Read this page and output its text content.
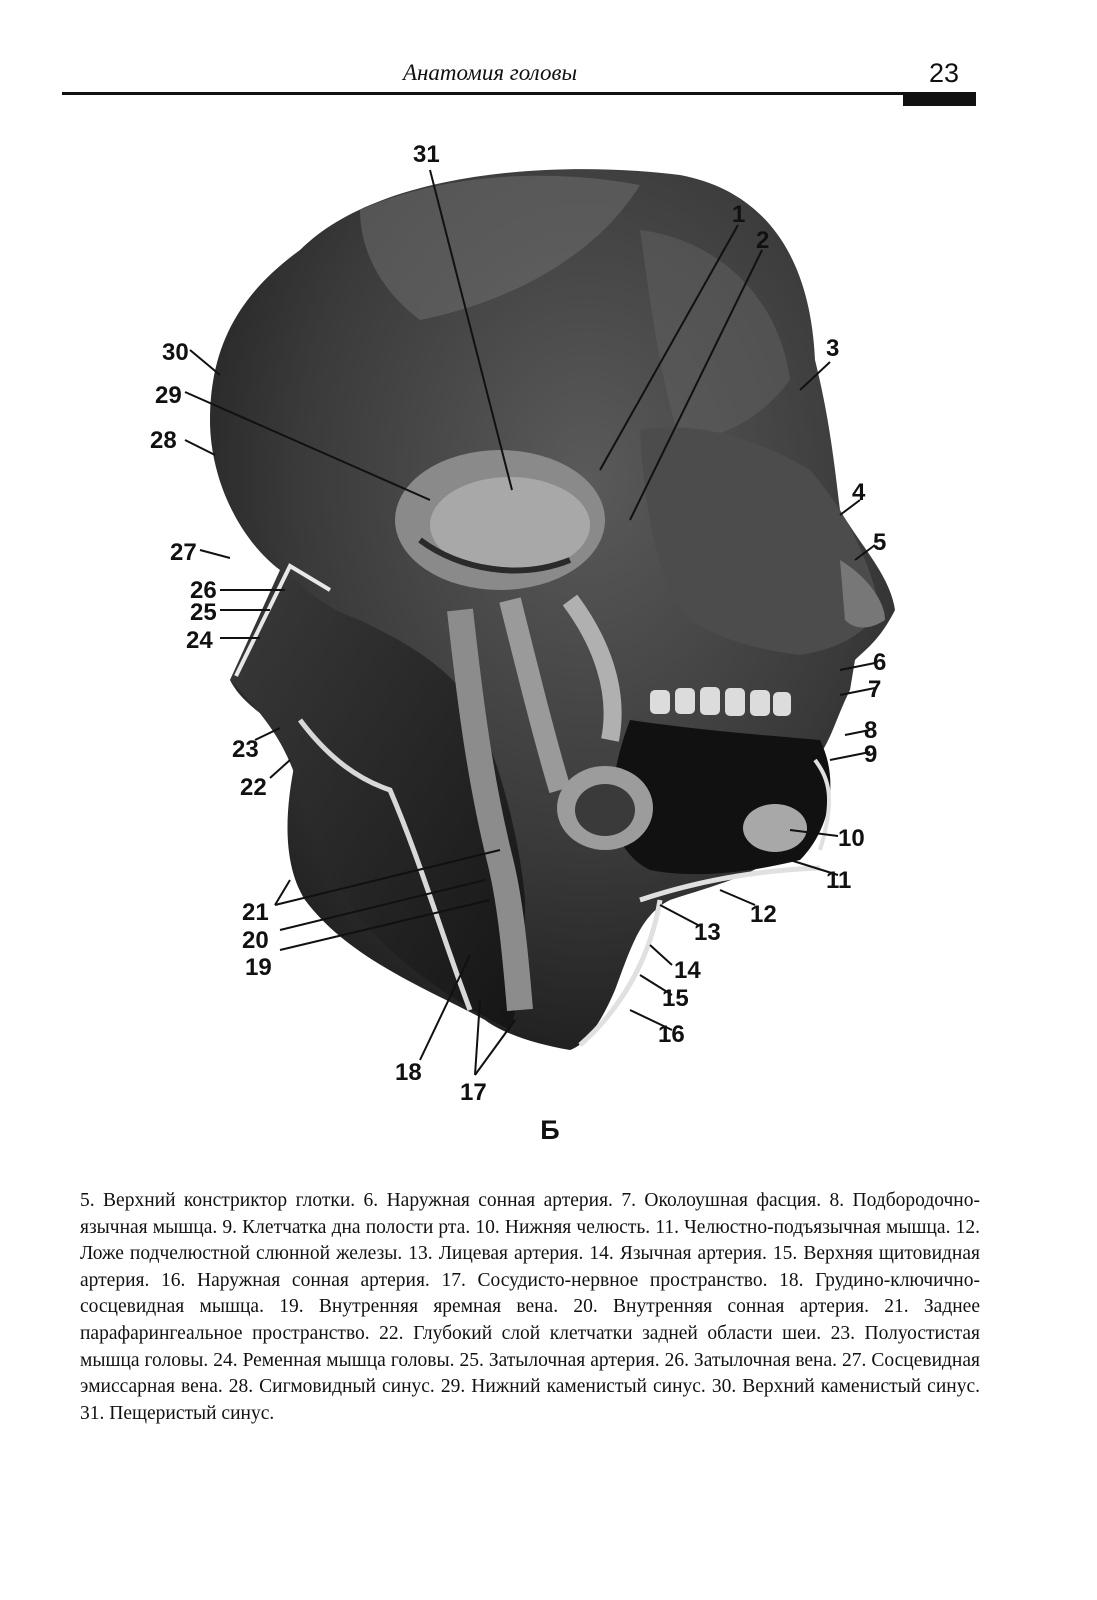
Анатомия головы	23
31
1
2
3
4
5
6
7
8
9
10
11
12
13
14
15
16
17
18
19
20
21
22
23
24
25
26
27
28
29
30
Б
5. Верхний констриктор глотки. 6. Наружная сонная артерия. 7. Околоушная фасция. 8. Подбородочно-язычная мышца. 9. Клетчатка дна полости рта. 10. Нижняя челюсть. 11. Челюстно-подъязычная мышца. 12. Ложе подчелюстной слюнной железы. 13. Лицевая артерия. 14. Язычная артерия. 15. Верхняя щитовидная артерия. 16. Наружная сонная артерия. 17. Сосудисто-нервное пространство. 18. Грудино-ключично-сосцевидная мышца. 19. Внутренняя яремная вена. 20. Внутренняя сонная артерия. 21. Заднее парафарингеальное пространство. 22. Глубокий слой клетчатки задней области шеи. 23. Полуостистая мышца головы. 24. Ременная мышца головы. 25. Затылочная артерия. 26. Затылочная вена. 27. Сосцевидная эмиссарная вена. 28. Сигмовидный синус. 29. Нижний каменистый синус. 30. Верхний каменистый синус. 31. Пещеристый синус.
